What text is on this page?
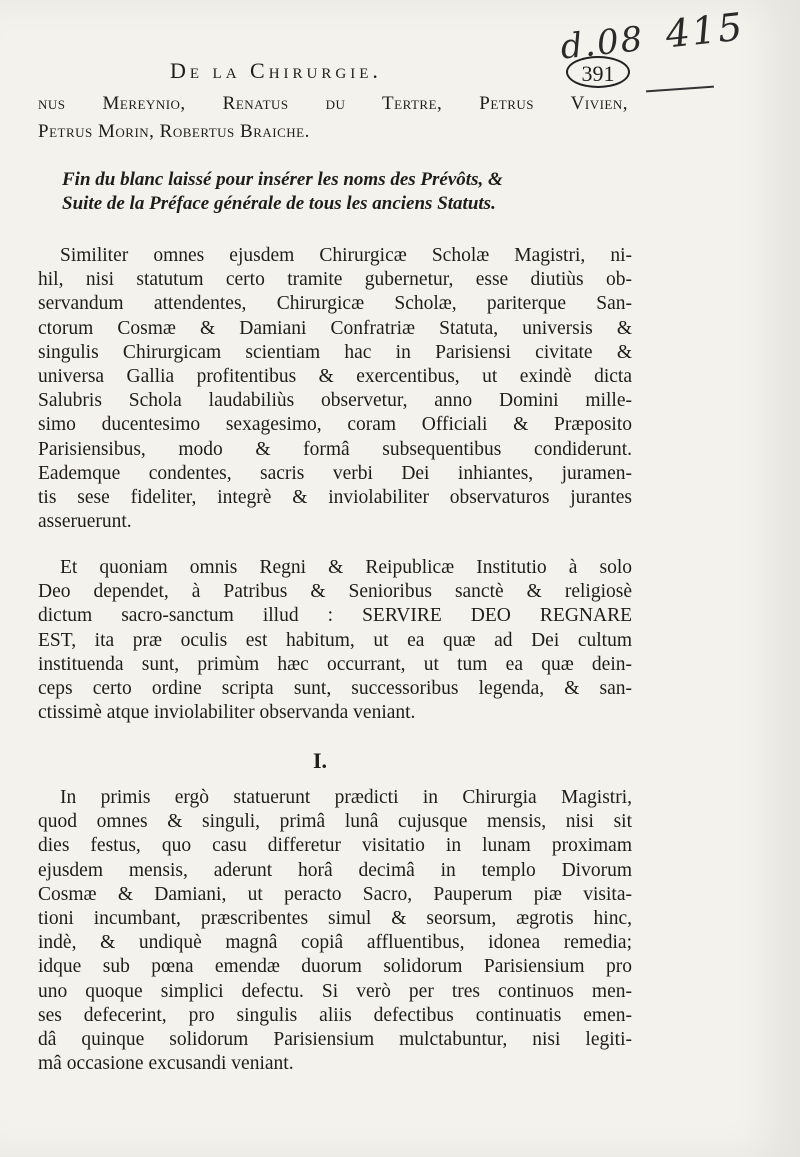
d.08 415
De la Chirurgie.	391

nus Mereynio, Renatus du Tertre, Petrus Vivien,

Petrus Morin, Robertus Braiche.

Fin du blanc laissé pour insérer les noms des Prévôts, &

Suite de la Préface générale de tous les anciens Statuts.

Similiter omnes ejusdem Chirurgicæ Scholæ Magistri, ni-
hil, nisi statutum certo tramite gubernetur, esse diutiùs ob-
servandum attendentes, Chirurgicæ Scholæ, pariterque San-
ctorum Cosmæ & Damiani Confratriæ Statuta, universis &
singulis Chirurgicam scientiam hac in Parisiensi civitate &
universa Gallia profitentibus & exercentibus, ut exindè dicta
Salubris Schola laudabiliùs observetur, anno Domini mille-
simo ducentesimo sexagesimo, coram Officiali & Præposito
Parisiensibus, modo & formâ subsequentibus condiderunt.
Eademque condentes, sacris verbi Dei inhiantes, juramen-
tis sese fideliter, integrè & inviolabiliter observaturos jurantes
asseruerunt.
Et quoniam omnis Regni & Reipublicæ Institutio à solo
Deo dependet, à Patribus & Senioribus sanctè & religiosè
dictum sacro-sanctum illud : SERVIRE DEO REGNARE
EST, ita præ oculis est habitum, ut ea quæ ad Dei cultum
instituenda sunt, primùm hæc occurrant, ut tum ea quæ dein-
ceps certo ordine scripta sunt, successoribus legenda, & san-
ctissimè atque inviolabiliter observanda veniant.
I.
In primis ergò statuerunt prædicti in Chirurgia Magistri,
quod omnes & singuli, primâ lunâ cujusque mensis, nisi sit
dies festus, quo casu differetur visitatio in lunam proximam
ejusdem mensis, aderunt horâ decimâ in templo Divorum
Cosmæ & Damiani, ut peracto Sacro, Pauperum piæ visita-
tioni incumbant, præscribentes simul & seorsum, ægrotis hinc,
indè, & undiquè magnâ copiâ affluentibus, idonea remedia;
idque sub pœna emendæ duorum solidorum Parisiensium pro
uno quoque simplici defectu. Si verò per tres continuos men-
ses defecerint, pro singulis aliis defectibus continuatis emen-
dâ quinque solidorum Parisiensium mulctabuntur, nisi legiti-
mâ occasione excusandi veniant.
